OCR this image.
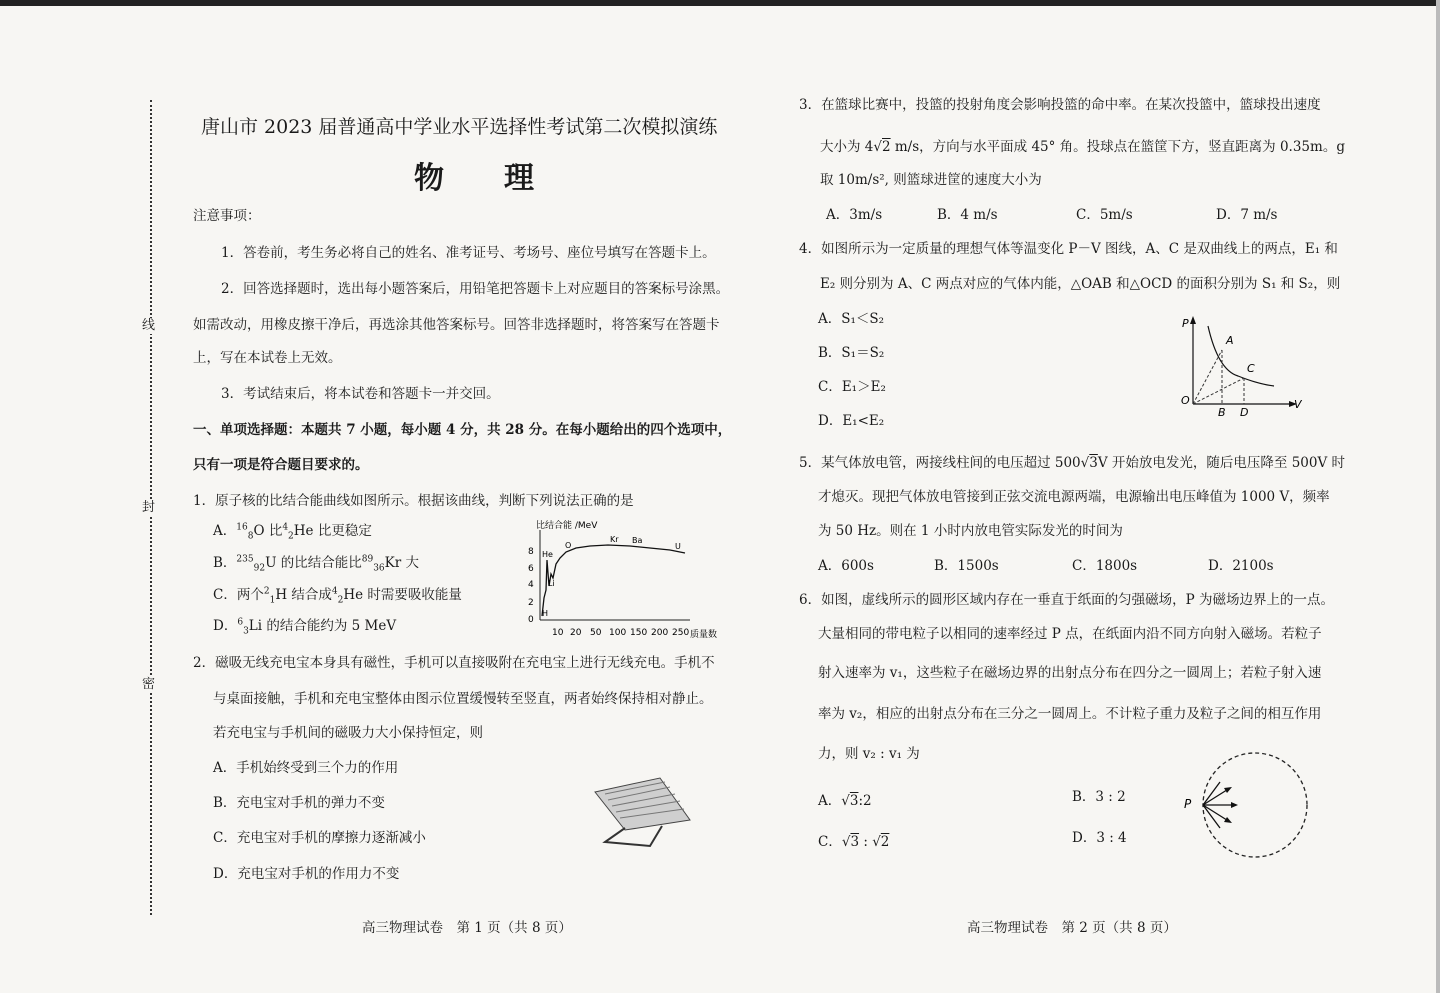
线
封
密
唐山市 2023 届普通高中学业水平选择性考试第二次模拟演练
物　　理
注意事项：
1．答卷前，考生务必将自己的姓名、准考证号、考场号、座位号填写在答题卡上。
2．回答选择题时，选出每小题答案后，用铅笔把答题卡上对应题目的答案标号涂黑。
如需改动，用橡皮擦干净后，再选涂其他答案标号。回答非选择题时，将答案写在答题卡
上，写在本试卷上无效。
3．考试结束后，将本试卷和答题卡一并交回。
一、单项选择题：本题共 7 小题，每小题 4 分，共 28 分。在每小题给出的四个选项中，
只有一项是符合题目要求的。
1．原子核的比结合能曲线如图所示。根据该曲线，判断下列说法正确的是
A．$^{16}_8$O 比$^4_2$He 比更稳定
B．$^{235}_{92}$U 的比结合能比$^{89}_{36}$Kr 大
C．两个$^2_1$H 结合成$^4_2$He 时需要吸收能量
D．$^6_3$Li 的结合能约为 5 MeV
比结合能 /MeV
8
6
4
2
0
10 20 50 100 150 200 250 质量数
He
O
Kr Ba
U
Li
H
2．磁吸无线充电宝本身具有磁性，手机可以直接吸附在充电宝上进行无线充电。手机不
与桌面接触，手机和充电宝整体由图示位置缓慢转至竖直，两者始终保持相对静止。
若充电宝与手机间的磁吸力大小保持恒定，则
A．手机始终受到三个力的作用
B．充电宝对手机的弹力不变
C．充电宝对手机的摩擦力逐渐减小
D．充电宝对手机的作用力不变
高三物理试卷　第 1 页（共 8 页）
3．在篮球比赛中，投篮的投射角度会影响投篮的命中率。在某次投篮中，篮球投出速度
大小为 4√2 m/s，方向与水平面成 45° 角。投球点在篮筐下方，竖直距离为 0.35m。g
取 10m/s², 则篮球进筐的速度大小为
A．3m/s	B．4 m/s	C．5m/s	D．7 m/s
4．如图所示为一定质量的理想气体等温变化 P－V 图线，A、C 是双曲线上的两点，E₁ 和
E₂ 则分别为 A、C 两点对应的气体内能，△OAB 和△OCD 的面积分别为 S₁ 和 S₂，则
A．S₁＜S₂
B．S₁＝S₂
C．E₁＞E₂
D．E₁<E₂
P
V
O
A
B
C
D
5．某气体放电管，两接线柱间的电压超过 500√3V 开始放电发光，随后电压降至 500V 时
才熄灭。现把气体放电管接到正弦交流电源两端，电源输出电压峰值为 1000 V，频率
为 50 Hz。则在 1 小时内放电管实际发光的时间为
A．600s	B．1500s	C．1800s	D．2100s
6．如图，虚线所示的圆形区域内存在一垂直于纸面的匀强磁场，P 为磁场边界上的一点。
大量相同的带电粒子以相同的速率经过 P 点，在纸面内沿不同方向射入磁场。若粒子
射入速率为 v₁，这些粒子在磁场边界的出射点分布在四分之一圆周上；若粒子射入速
率为 v₂，相应的出射点分布在三分之一圆周上。不计粒子重力及粒子之间的相互作用
力，则 v₂ : v₁ 为
A．√3:2	B．3 : 2
C．√3 : √2	D．3 : 4
P
高三物理试卷　第 2 页（共 8 页）
